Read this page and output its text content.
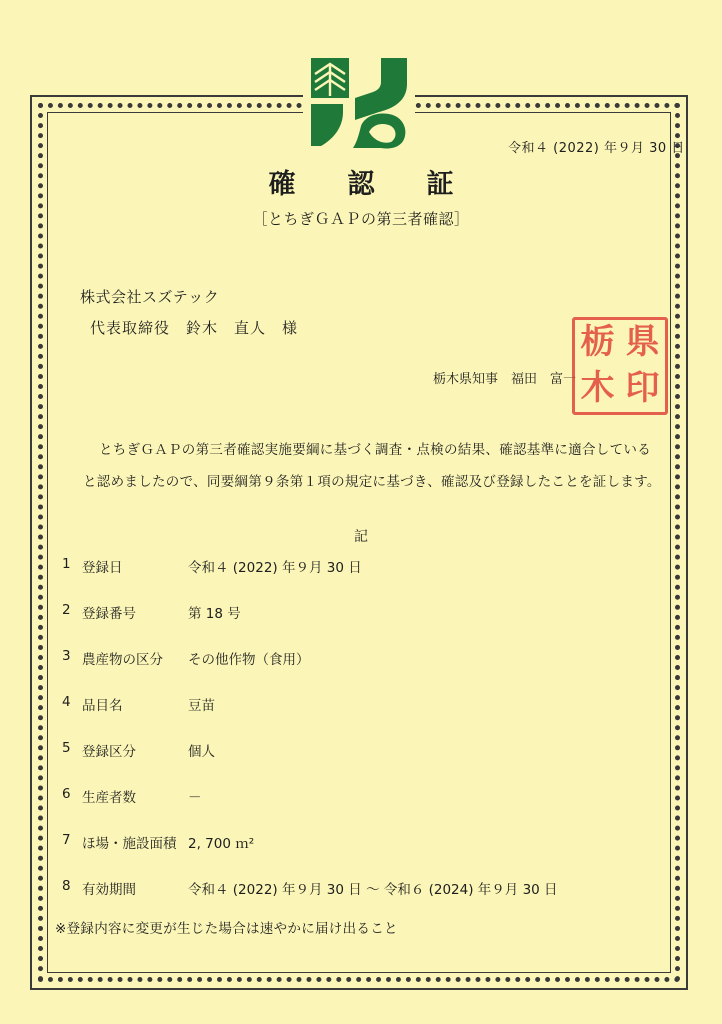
令和４ (2022) 年９月 30 日
確認証
［とちぎＧＡＰの第三者確認］
株式会社スズテック
代表取締役　鈴木　直人　様
栃木県知事　福田　富一
栃 県
木 印
とちぎＧＡＰの第三者確認実施要綱に基づく調査・点検の結果、確認基準に適合していると認めましたので、同要綱第９条第１項の規定に基づき、確認及び登録したことを証します。
記
1 登録日	令和４ (2022) 年９月 30 日
2 登録番号	第 18 号
3 農産物の区分	その他作物（食用）
4 品目名	豆苗
5 登録区分	個人
6 生産者数	－
7 ほ場・施設面積 2, 700 ｍ²
8 有効期間	令和４ (2022) 年９月 30 日 ～ 令和６ (2024) 年９月 30 日
※登録内容に変更が生じた場合は速やかに届け出ること
